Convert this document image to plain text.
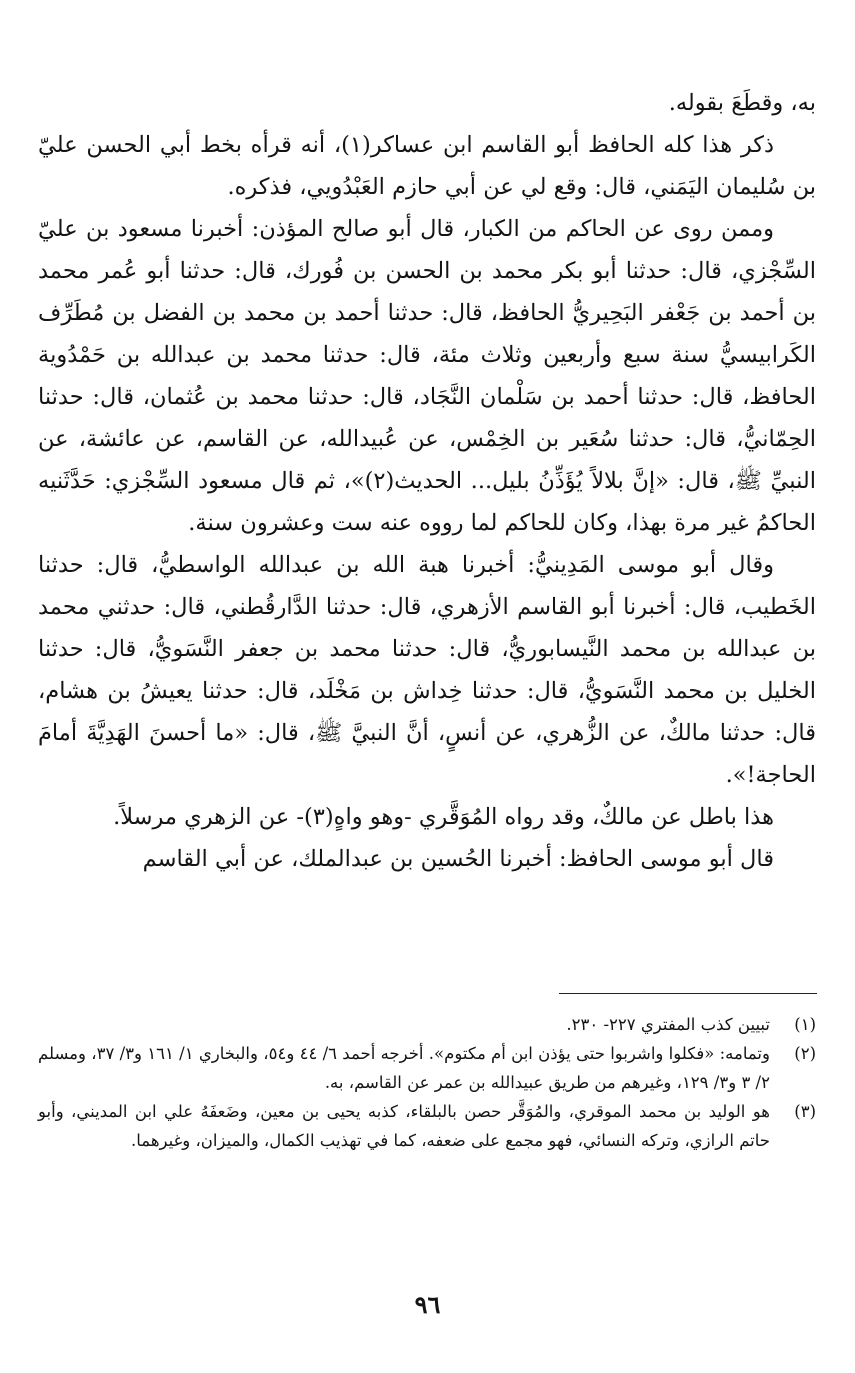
به، وقطَعَ بقوله.

ذكر هذا كله الحافظ أبو القاسم ابن عساكر(١)، أنه قرأه بخط أبي الحسن عليّ بن سُليمان اليَمَني، قال: وقع لي عن أبي حازم العَبْدُويي، فذكره.

وممن روى عن الحاكم من الكبار، قال أبو صالح المؤذن: أخبرنا مسعود بن عليّ السِّجْزي، قال: حدثنا أبو بكر محمد بن الحسن بن فُورك، قال: حدثنا أبو عُمر محمد بن أحمد بن جَعْفر البَحِيريُّ الحافظ، قال: حدثنا أحمد بن محمد بن الفضل بن مُطَرِّف الكَرابيسيُّ سنة سبع وأربعين وثلاث مئة، قال: حدثنا محمد بن عبدالله بن حَمْدُوية الحافظ، قال: حدثنا أحمد بن سَلْمان النَّجَاد، قال: حدثنا محمد بن عُثمان، قال: حدثنا الحِمّانيُّ، قال: حدثنا سُعَير بن الخِمْس، عن عُبيدالله، عن القاسم، عن عائشة، عن النبيِّ ﷺ، قال: «إنَّ بلالاً يُؤَذِّنُ بليل... الحديث(٢)»، ثم قال مسعود السِّجْزي: حَدَّثَنيه الحاكمُ غير مرة بهذا، وكان للحاكم لما رووه عنه ست وعشرون سنة.

وقال أبو موسى المَدِينيُّ: أخبرنا هبة الله بن عبدالله الواسطيُّ، قال: حدثنا الخَطيب، قال: أخبرنا أبو القاسم الأزهري، قال: حدثنا الدَّارقُطني، قال: حدثني محمد بن عبدالله بن محمد النَّيسابوريُّ، قال: حدثنا محمد بن جعفر النَّسَويُّ، قال: حدثنا الخليل بن محمد النَّسَويُّ، قال: حدثنا خِداش بن مَخْلَد، قال: حدثنا يعيشُ بن هشام، قال: حدثنا مالكٌ، عن الزُّهري، عن أنسٍ، أنَّ النبيَّ ﷺ، قال: «ما أحسنَ الهَدِيَّةَ أمامَ الحاجة!».

هذا باطل عن مالكٌ، وقد رواه المُوَقَّري -وهو واهٍ(٣)- عن الزهري مرسلاً.

قال أبو موسى الحافظ: أخبرنا الحُسين بن عبدالملك، عن أبي القاسم

(١)
تبيين كذب المفتري ٢٢٧- ٢٣٠.
(٢)
وتمامه: «فكلوا واشربوا حتى يؤذن ابن أم مكتوم». أخرجه أحمد ٦/ ٤٤ و٥٤، والبخاري ١/ ١٦١ و٣/ ٣٧، ومسلم ٢/ ٣ و٣/ ١٢٩، وغيرهم من طريق عبيدالله بن عمر عن القاسم، به.
(٣)
هو الوليد بن محمد الموقري، والمُوَقَّر حصن بالبلقاء، كذبه يحيى بن معين، وضَعفَهُ علي ابن المديني، وأبو حاتم الرازي، وتركه النسائي، فهو مجمع على ضعفه، كما في تهذيب الكمال، والميزان، وغيرهما.
٩٦
